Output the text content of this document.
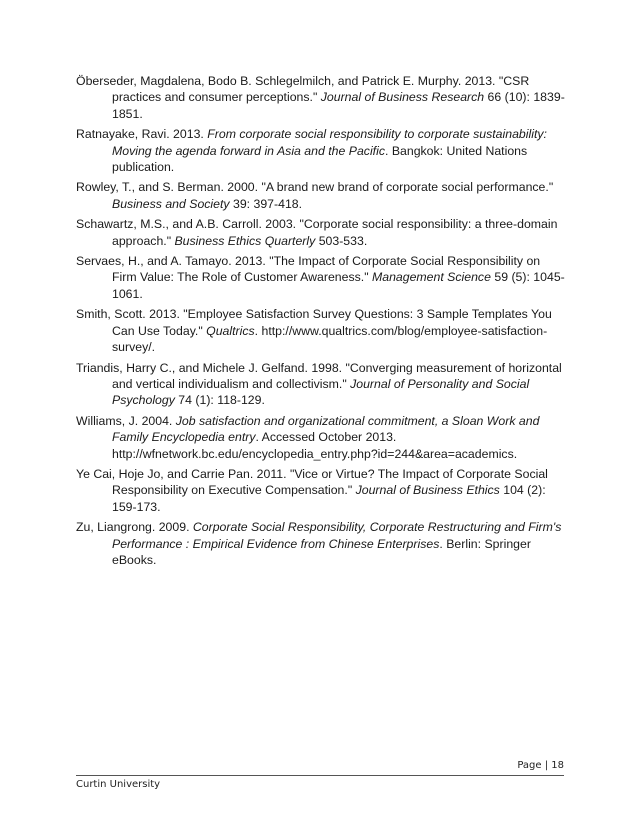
Öberseder, Magdalena, Bodo B. Schlegelmilch, and Patrick E. Murphy. 2013. "CSR practices and consumer perceptions." Journal of Business Research 66 (10): 1839-1851.

Ratnayake, Ravi. 2013. From corporate social responsibility to corporate sustainability: Moving the agenda forward in Asia and the Pacific. Bangkok: United Nations publication.

Rowley, T., and S. Berman. 2000. "A brand new brand of corporate social performance." Business and Society 39: 397-418.

Schawartz, M.S., and A.B. Carroll. 2003. "Corporate social responsibility: a three-domain approach." Business Ethics Quarterly 503-533.

Servaes, H., and A. Tamayo. 2013. "The Impact of Corporate Social Responsibility on Firm Value: The Role of Customer Awareness." Management Science 59 (5): 1045-1061.

Smith, Scott. 2013. "Employee Satisfaction Survey Questions: 3 Sample Templates You Can Use Today." Qualtrics. http://www.qualtrics.com/blog/employee-satisfaction-survey/.

Triandis, Harry C., and Michele J. Gelfand. 1998. "Converging measurement of horizontal and vertical individualism and collectivism." Journal of Personality and Social Psychology 74 (1): 118-129.

Williams, J. 2004. Job satisfaction and organizational commitment, a Sloan Work and Family Encyclopedia entry. Accessed October 2013. http://wfnetwork.bc.edu/encyclopedia_entry.php?id=244&area=academics.

Ye Cai, Hoje Jo, and Carrie Pan. 2011. "Vice or Virtue? The Impact of Corporate Social Responsibility on Executive Compensation." Journal of Business Ethics 104 (2): 159-173.

Zu, Liangrong. 2009. Corporate Social Responsibility, Corporate Restructuring and Firm's Performance : Empirical Evidence from Chinese Enterprises. Berlin: Springer eBooks.

Page | 18
Curtin University
